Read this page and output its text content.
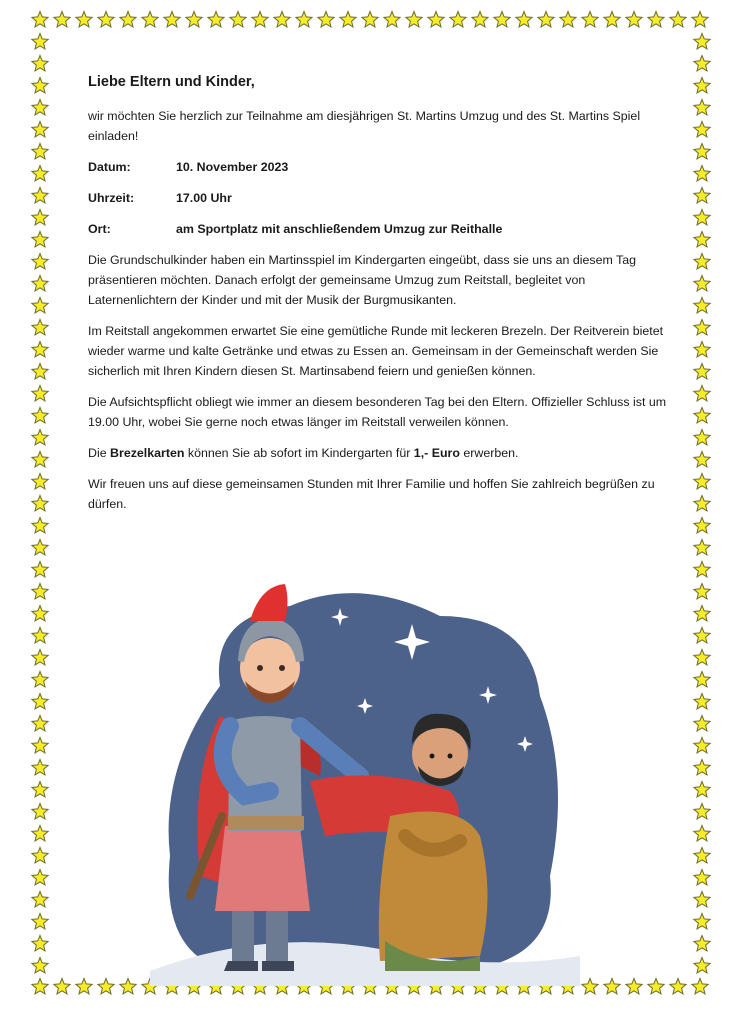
Liebe Eltern und Kinder,

wir möchten Sie herzlich zur Teilnahme am diesjährigen St. Martins Umzug und des St. Martins Spiel einladen!

Datum:	10. November 2023
Uhrzeit:	17.00 Uhr
Ort:	am Sportplatz mit anschließendem Umzug zur Reithalle

Die Grundschulkinder haben ein Martinsspiel im Kindergarten eingeübt, dass sie uns an diesem Tag präsentieren möchten. Danach erfolgt der gemeinsame Umzug zum Reitstall, begleitet von Laternenlichtern der Kinder und mit der Musik der Burgmusikanten.

Im Reitstall angekommen erwartet Sie eine gemütliche Runde mit leckeren Brezeln. Der Reitverein bietet wieder warme und kalte Getränke und etwas zu Essen an. Gemeinsam in der Gemeinschaft werden Sie sicherlich mit Ihren Kindern diesen St. Martinsabend feiern und genießen können.

Die Aufsichtspflicht obliegt wie immer an diesem besonderen Tag bei den Eltern. Offizieller Schluss ist um 19.00 Uhr, wobei Sie gerne noch etwas länger im Reitstall verweilen können.

Die Brezelkarten können Sie ab sofort im Kindergarten für 1,- Euro erwerben.

Wir freuen uns auf diese gemeinsamen Stunden mit Ihrer Familie und hoffen Sie zahlreich begrüßen zu dürfen.
